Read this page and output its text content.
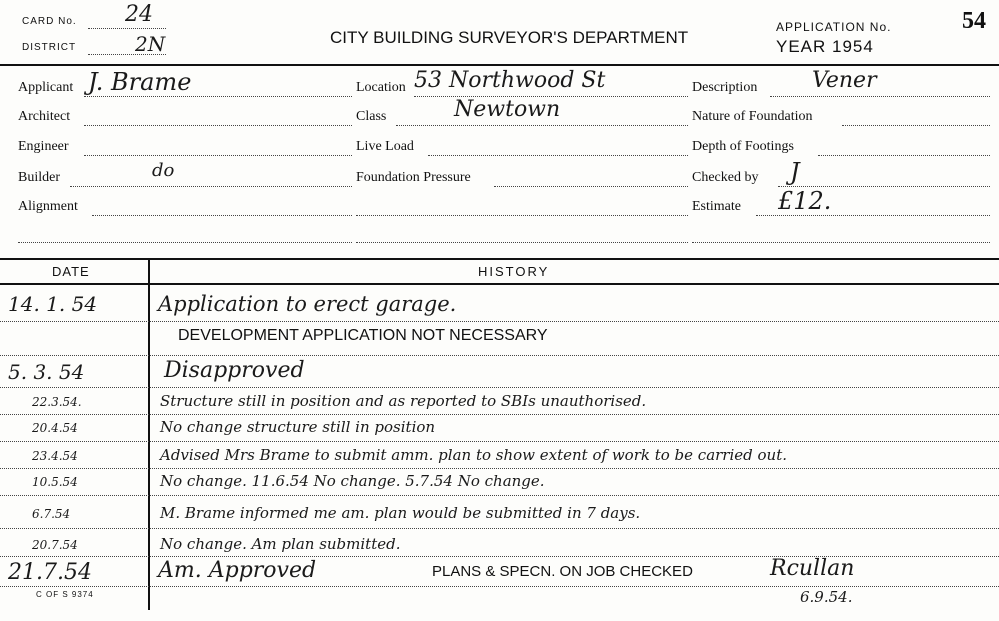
CARD No. 24
DISTRICT	2N	CITY BUILDING SURVEYOR'S DEPARTMENT
APPLICATION No.	54
YEAR 1954
Applicant J. Brame
Architect
Engineer
Builder	do
Alignment
Location 53 Northwood St
Class	Newtown
Live Load
Foundation Pressure
Description Vener
Nature of Foundation
Depth of Footings
Checked by J
Estimate £12.
DATE	HISTORY
14. 1. 54	Application to erect garage.
DEVELOPMENT APPLICATION NOT NECESSARY
5. 3. 54	Disapproved
22.3.54.	Structure still in position and as reported to SBIs unauthorised.
20.4.54	No change structure still in position
23.4.54	Advised Mrs Brame to submit amm. plan to show extent of work to be carried out.
10.5.54	No change. 11.6.54 No change. 5.7.54 No change.
6.7.54	M. Brame informed me am. plan would be submitted in 7 days.
20.7.54	No change. Am plan submitted.
21.7.54	Am. Approved	PLANS & SPECN. ON JOB CHECKED	Rcullan
6.9.54.
C OF S 9374
